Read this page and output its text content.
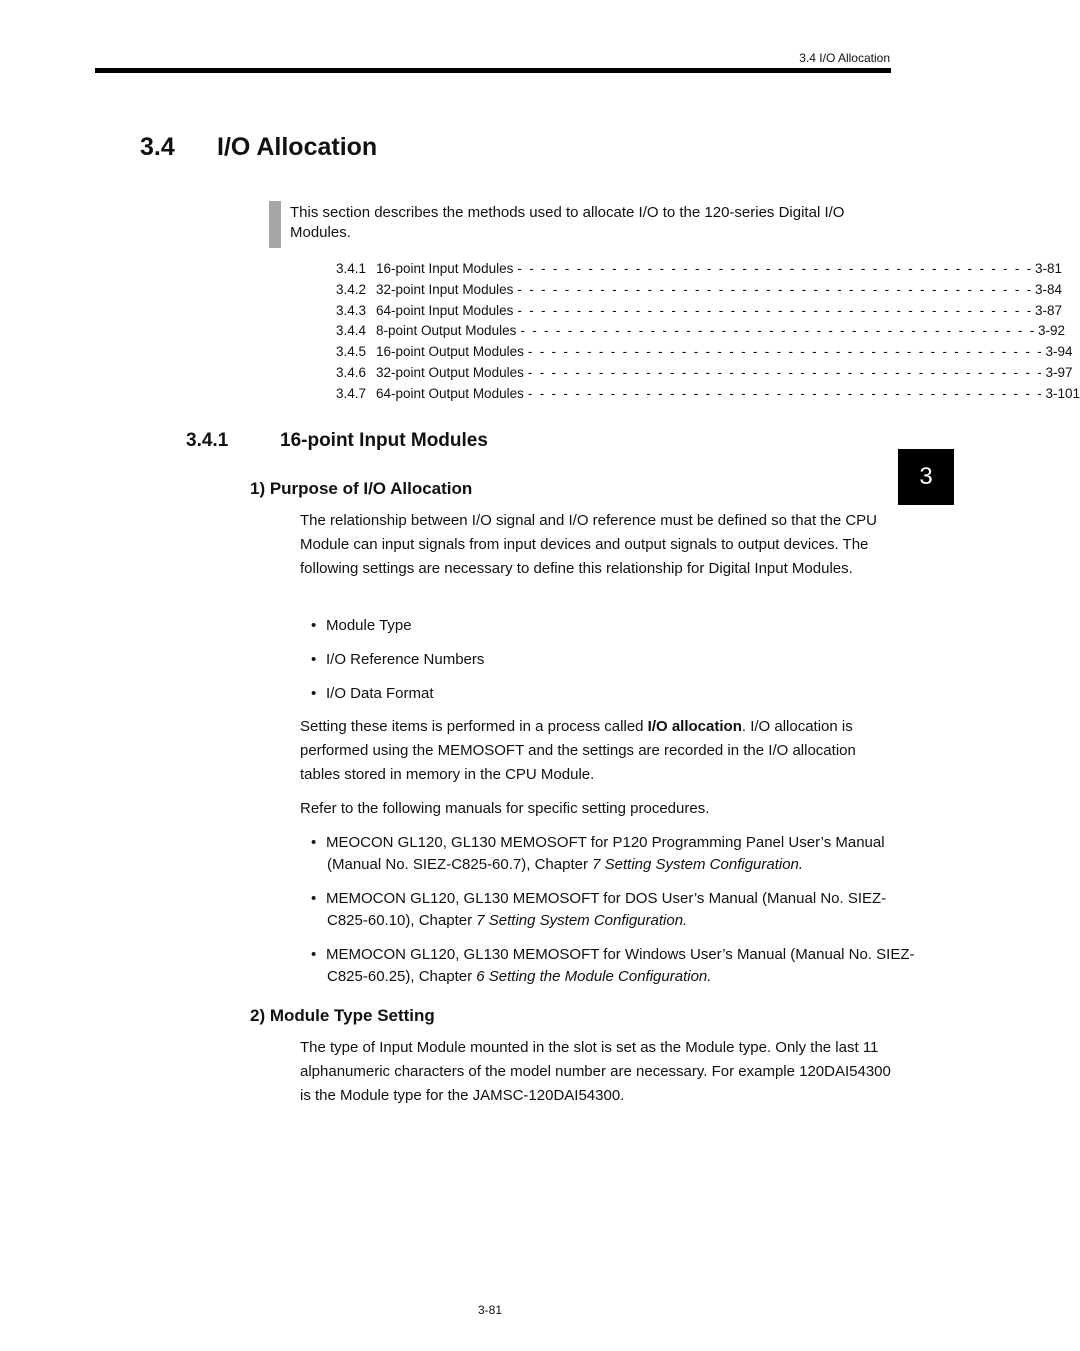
3.4 I/O Allocation
3.4 I/O Allocation
This section describes the methods used to allocate I/O to the 120-series Digital I/O Modules.
3.4.1 16-point Input Modules - - - - - - - - - - - - - - - - - - - - - - - - - - - - - - - - - - - - - - - - - - - - 3-81
3.4.2 32-point Input Modules - - - - - - - - - - - - - - - - - - - - - - - - - - - - - - - - - - - - - - - - - - - - 3-84
3.4.3 64-point Input Modules - - - - - - - - - - - - - - - - - - - - - - - - - - - - - - - - - - - - - - - - - - - - 3-87
3.4.4 8-point Output Modules - - - - - - - - - - - - - - - - - - - - - - - - - - - - - - - - - - - - - - - - - - - - 3-92
3.4.5 16-point Output Modules - - - - - - - - - - - - - - - - - - - - - - - - - - - - - - - - - - - - - - - - - - - - 3-94
3.4.6 32-point Output Modules - - - - - - - - - - - - - - - - - - - - - - - - - - - - - - - - - - - - - - - - - - - - 3-97
3.4.7 64-point Output Modules - - - - - - - - - - - - - - - - - - - - - - - - - - - - - - - - - - - - - - - - - - - - 3-101
3.4.1	16-point Input Modules
1) Purpose of I/O Allocation
The relationship between I/O signal and I/O reference must be defined so that the CPU Module can input signals from input devices and output signals to output devices. The following settings are necessary to define this relationship for Digital Input Modules.
• Module Type
• I/O Reference Numbers
• I/O Data Format
Setting these items is performed in a process called I/O allocation. I/O allocation is performed using the MEMOSOFT and the settings are recorded in the I/O allocation tables stored in memory in the CPU Module.
Refer to the following manuals for specific setting procedures.
• MEOCON GL120, GL130 MEMOSOFT for P120 Programming Panel User’s Manual (Manual No. SIEZ-C825-60.7), Chapter 7 Setting System Configuration.
• MEMOCON GL120, GL130 MEMOSOFT for DOS User’s Manual (Manual No. SIEZ-C825-60.10), Chapter 7 Setting System Configuration.
• MEMOCON GL120, GL130 MEMOSOFT for Windows User’s Manual (Manual No. SIEZ-C825-60.25), Chapter 6 Setting the Module Configuration.
2) Module Type Setting
The type of Input Module mounted in the slot is set as the Module type. Only the last 11 alphanumeric characters of the model number are necessary. For example 120DAI54300 is the Module type for the JAMSC-120DAI54300.
3
3-81
